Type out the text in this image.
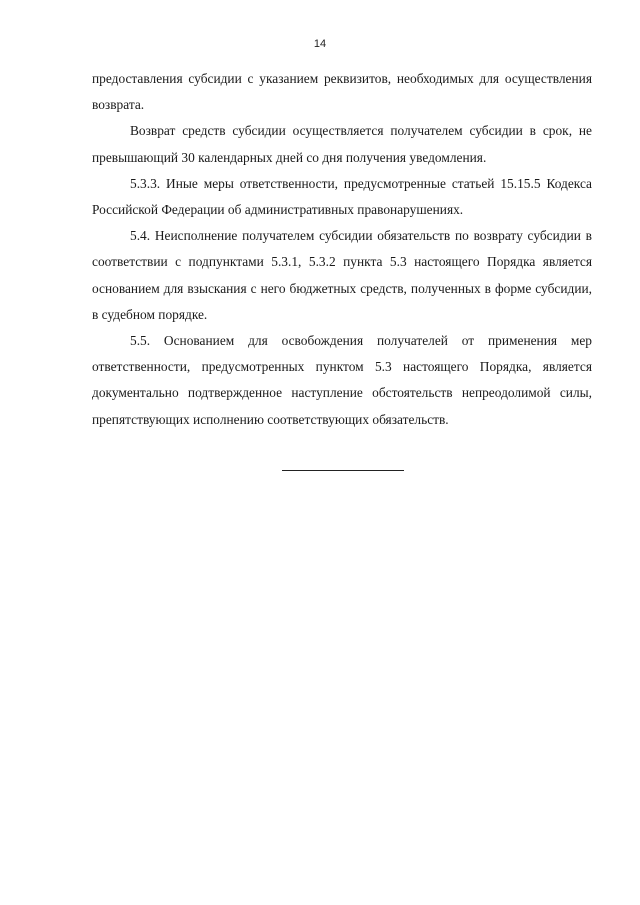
14

предоставления субсидии с указанием реквизитов, необходимых для осуществления возврата.

Возврат средств субсидии осуществляется получателем субсидии в срок, не превышающий 30 календарных дней со дня получения уведомления.

5.3.3. Иные меры ответственности, предусмотренные статьей 15.15.5 Кодекса Российской Федерации об административных правонарушениях.

5.4. Неисполнение получателем субсидии обязательств по возврату субсидии в соответствии с подпунктами 5.3.1, 5.3.2 пункта 5.3 настоящего Порядка является основанием для взыскания с него бюджетных средств, полученных в форме субсидии, в судебном порядке.

5.5. Основанием для освобождения получателей от применения мер ответственности, предусмотренных пунктом 5.3 настоящего Порядка, является документально подтвержденное наступление обстоятельств непреодолимой силы, препятствующих исполнению соответствующих обязательств.
